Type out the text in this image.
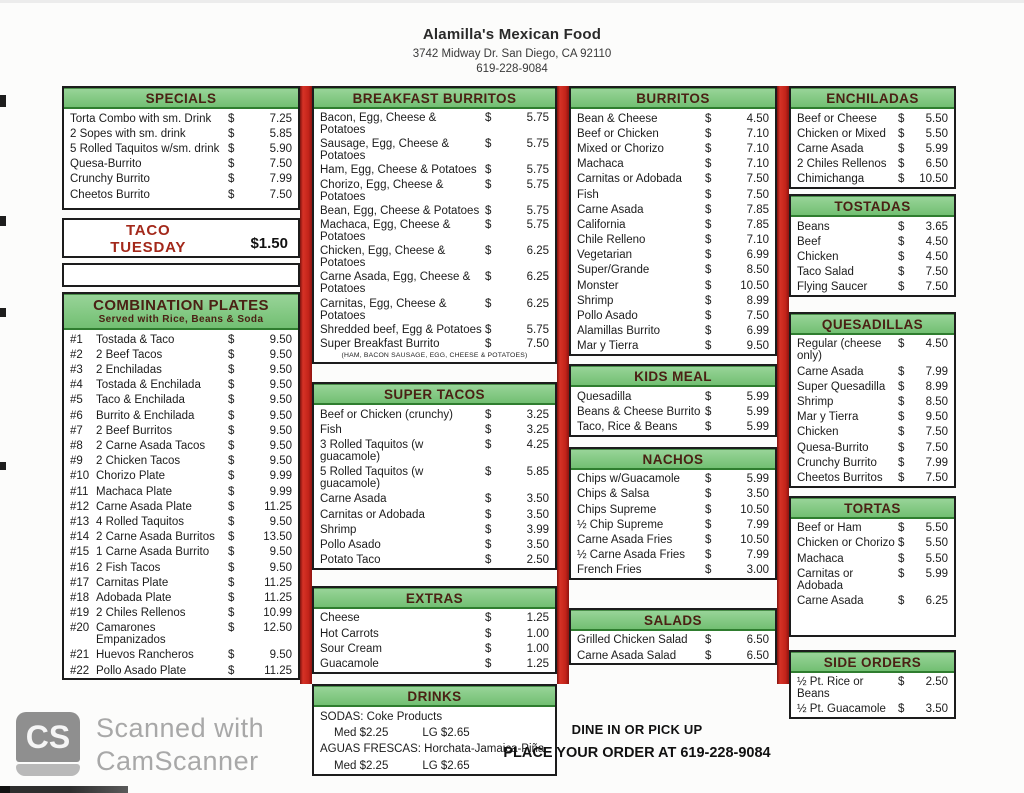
Alamilla's Mexican Food
3742 Midway Dr. San Diego, CA 92110
619-228-9084
SPECIALS
Torta Combo with sm. Drink	$	7.25
2 Sopes with sm. drink	$	5.85
5 Rolled Taquitos w/sm. drink $	5.90
Quesa-Burrito	$	7.50
Crunchy Burrito	$	7.99
Cheetos Burrito	$	7.50
TACO
TUESDAY	$1.50
COMBINATION PLATES
Served with Rice, Beans & Soda
#1	Tostada & Taco	$	9.50
#2	2 Beef Tacos	$	9.50
#3	2 Enchiladas	$	9.50
#4	Tostada & Enchilada	$	9.50
#5	Taco & Enchilada	$	9.50
#6	Burrito & Enchilada	$	9.50
#7	2 Beef Burritos	$	9.50
#8	2 Carne Asada Tacos	$	9.50
#9	2 Chicken Tacos	$	9.50
#10 Chorizo Plate	$	9.99
#11 Machaca Plate	$	9.99
#12 Carne Asada Plate	$	11.25
#13 4 Rolled Taquitos	$	9.50
#14 2 Carne Asada Burritos	$	13.50
#15 1 Carne Asada Burrito	$	9.50
#16 2 Fish Tacos	$	9.50
#17 Carnitas Plate	$	11.25
#18 Adobada Plate	$	11.25
#19 2 Chiles Rellenos	$	10.99
#20 Camarones Empanizados
$	12.50
#21 Huevos Rancheros	$	9.50
#22 Pollo Asado Plate	$	11.25
BREAKFAST BURRITOS
Bacon, Egg, Cheese & Potatoes
$	5.75
Sausage, Egg, Cheese & Potatoes
$	5.75
Ham, Egg, Cheese & Potatoes $	5.75
Chorizo, Egg, Cheese & Potatoes
$	5.75
Bean, Egg, Cheese & Potatoes $	5.75
Machaca, Egg, Cheese & Potatoes
$	5.75
Chicken, Egg, Cheese & Potatoes
$	6.25
Carne Asada, Egg, Cheese & Potatoes
$	6.25
Carnitas, Egg, Cheese & Potatoes
$	6.25
Shredded beef, Egg & Potatoes $	5.75
Super Breakfast Burrito	$	7.50
(HAM, BACON SAUSAGE, EGG, CHEESE & POTATOES)
SUPER TACOS
Beef or Chicken (crunchy)	$	3.25
Fish	$	3.25
3 Rolled Taquitos (w guacamole)
$	4.25
5 Rolled Taquitos (w guacamole)
$	5.85
Carne Asada	$	3.50
Carnitas or Adobada	$	3.50
Shrimp	$	3.99
Pollo Asado	$	3.50
Potato Taco	$	2.50
EXTRAS
Cheese	$	1.25
Hot Carrots	$	1.00
Sour Cream	$	1.00
Guacamole	$	1.25
DRINKS
SODAS: Coke Products
Med $2.25	LG $2.65
AGUAS FRESCAS: Horchata-Jamaica-Piña
Med $2.25	LG $2.65
BURRITOS
Bean & Cheese	$	4.50
Beef or Chicken	$	7.10
Mixed or Chorizo	$	7.10
Machaca	$	7.10
Carnitas or Adobada	$	7.50
Fish	$	7.50
Carne Asada	$	7.85
California	$	7.85
Chile Relleno	$	7.10
Vegetarian	$	6.99
Super/Grande	$	8.50
Monster	$	10.50
Shrimp	$	8.99
Pollo Asado	$	7.50
Alamillas Burrito	$	6.99
Mar y Tierra	$	9.50
KIDS MEAL
Quesadilla	$	5.99
Beans & Cheese Burrito $	5.99
Taco, Rice & Beans	$	5.99
NACHOS
Chips w/Guacamole	$	5.99
Chips & Salsa	$	3.50
Chips Supreme	$	10.50
½ Chip Supreme	$	7.99
Carne Asada Fries	$	10.50
½ Carne Asada Fries	$	7.99
French Fries	$	3.00
SALADS
Grilled Chicken Salad	$	6.50
Carne Asada Salad	$	6.50
ENCHILADAS
Beef or Cheese	$	5.50
Chicken or Mixed	$	5.50
Carne Asada	$	5.99
2 Chiles Rellenos	$	6.50
Chimichanga	$	10.50
TOSTADAS
Beans	$	3.65
Beef	$	4.50
Chicken	$	4.50
Taco Salad	$	7.50
Flying Saucer	$	7.50
QUESADILLAS
Regular (cheese only)
$	4.50
Carne Asada	$	7.99
Super Quesadilla	$	8.99
Shrimp	$	8.50
Mar y Tierra	$	9.50
Chicken	$	7.50
Quesa-Burrito	$	7.50
Crunchy Burrito	$	7.99
Cheetos Burritos	$	7.50
TORTAS
Beef or Ham	$	5.50
Chicken or Chorizo $	5.50
Machaca	$	5.50
Carnitas or Adobada
$	5.99
Carne Asada	$	6.25
SIDE ORDERS
½ Pt. Rice or Beans
$	2.50
½ Pt. Guacamole	$	3.50
DINE IN OR PICK UP
PLACE YOUR ORDER AT 619-228-9084
CS Scanned with
CamScanner
